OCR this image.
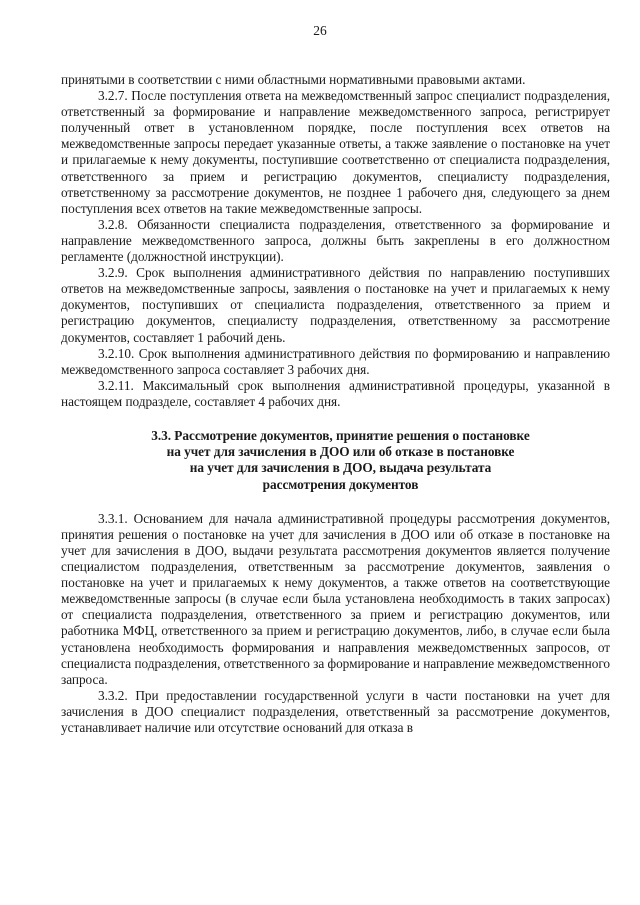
26

принятыми в соответствии с ними областными нормативными правовыми актами.

3.2.7. После поступления ответа на межведомственный запрос специалист подразделения, ответственный за формирование и направление межведомственного запроса, регистрирует полученный ответ в установленном порядке, после поступления всех ответов на межведомственные запросы передает указанные ответы, а также заявление о постановке на учет и прилагаемые к нему документы, поступившие соответственно от специалиста подразделения, ответственного за прием и регистрацию документов, специалисту подразделения, ответственному за рассмотрение документов, не позднее 1 рабочего дня, следующего за днем поступления всех ответов на такие межведомственные запросы.

3.2.8. Обязанности специалиста подразделения, ответственного за формирование и направление межведомственного запроса, должны быть закреплены в его должностном регламенте (должностной инструкции).

3.2.9. Срок выполнения административного действия по направлению поступивших ответов на межведомственные запросы, заявления о постановке на учет и прилагаемых к нему документов, поступивших от специалиста подразделения, ответственного за прием и регистрацию документов, специалисту подразделения, ответственному за рассмотрение документов, составляет 1 рабочий день.

3.2.10. Срок выполнения административного действия по формированию и направлению межведомственного запроса составляет 3 рабочих дня.

3.2.11. Максимальный срок выполнения административной процедуры, указанной в настоящем подразделе, составляет 4 рабочих дня.

3.3. Рассмотрение документов, принятие решения о постановке
на учет для зачисления в ДОО или об отказе в постановке
на учет для зачисления в ДОО, выдача результата
рассмотрения документов

3.3.1. Основанием для начала административной процедуры рассмотрения документов, принятия решения о постановке на учет для зачисления в ДОО или об отказе в постановке на учет для зачисления в ДОО, выдачи результата рассмотрения документов является получение специалистом подразделения, ответственным за рассмотрение документов, заявления о постановке на учет и прилагаемых к нему документов, а также ответов на соответствующие межведомственные запросы (в случае если была установлена необходимость в таких запросах) от специалиста подразделения, ответственного за прием и регистрацию документов, или работника МФЦ, ответственного за прием и регистрацию документов, либо, в случае если была установлена необходимость формирования и направления межведомственных запросов, от специалиста подразделения, ответственного за формирование и направление межведомственного запроса.

3.3.2. При предоставлении государственной услуги в части постановки на учет для зачисления в ДОО специалист подразделения, ответственный за рассмотрение документов, устанавливает наличие или отсутствие оснований для отказа в
